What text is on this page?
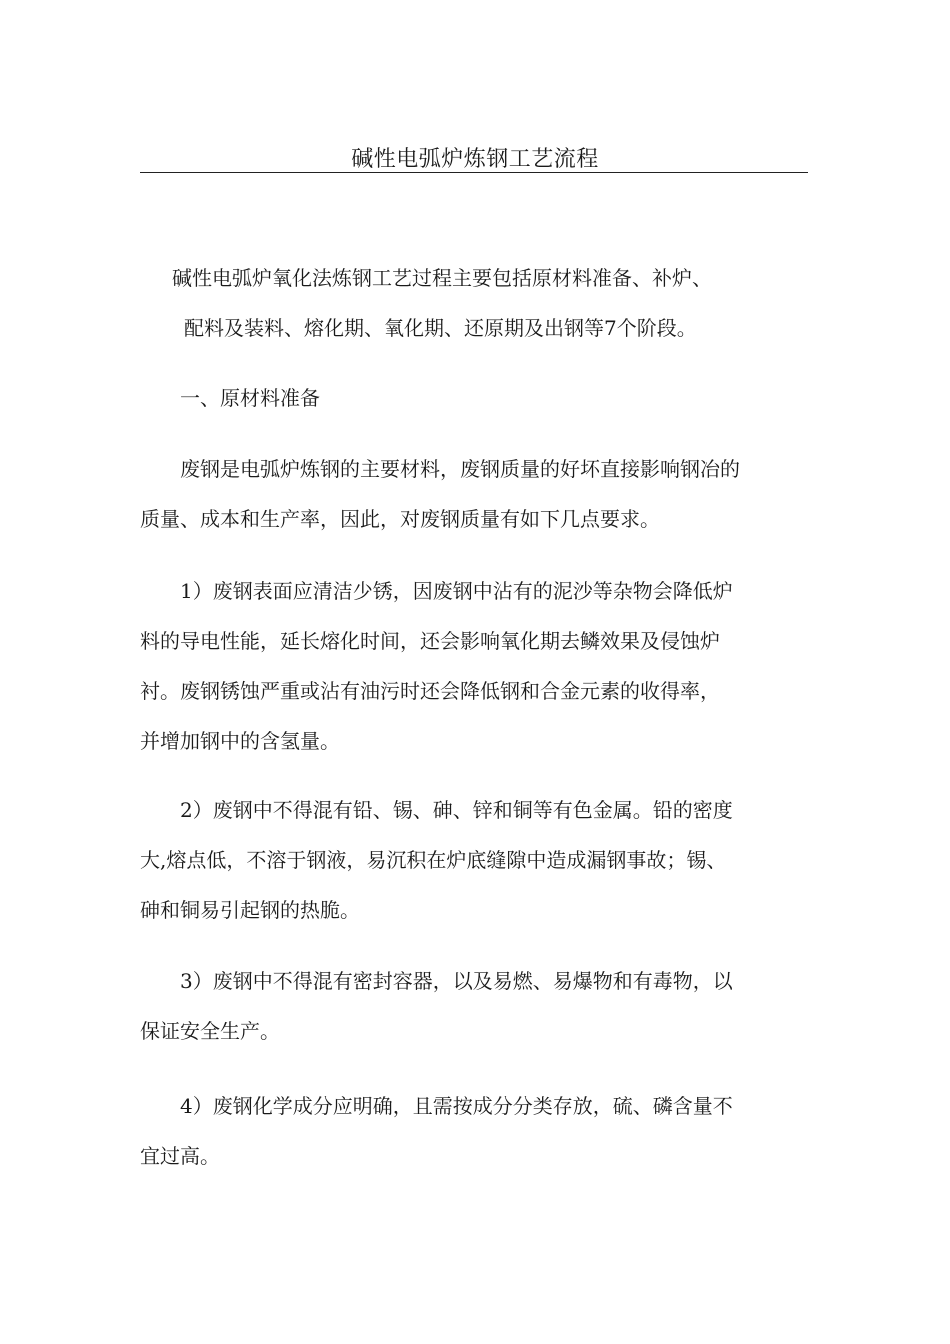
碱性电弧炉炼钢工艺流程
碱性电弧炉氧化法炼钢工艺过程主要包括原材料准备、补炉、
配料及装料、熔化期、氧化期、还原期及出钢等7个阶段。
一、原材料准备
废钢是电弧炉炼钢的主要材料，废钢质量的好坏直接影响钢冶的
质量、成本和生产率，因此，对废钢质量有如下几点要求。
1）废钢表面应清洁少锈，因废钢中沾有的泥沙等杂物会降低炉
料的导电性能，延长熔化时间，还会影响氧化期去鳞效果及侵蚀炉
衬。废钢锈蚀严重或沾有油污时还会降低钢和合金元素的收得率，
并增加钢中的含氢量。
2）废钢中不得混有铅、锡、砷、锌和铜等有色金属。铅的密度
大,熔点低，不溶于钢液，易沉积在炉底缝隙中造成漏钢事故；锡、
砷和铜易引起钢的热脆。
3）废钢中不得混有密封容器，以及易燃、易爆物和有毒物，以
保证安全生产。
4）废钢化学成分应明确，且需按成分分类存放，硫、磷含量不
宜过高。
